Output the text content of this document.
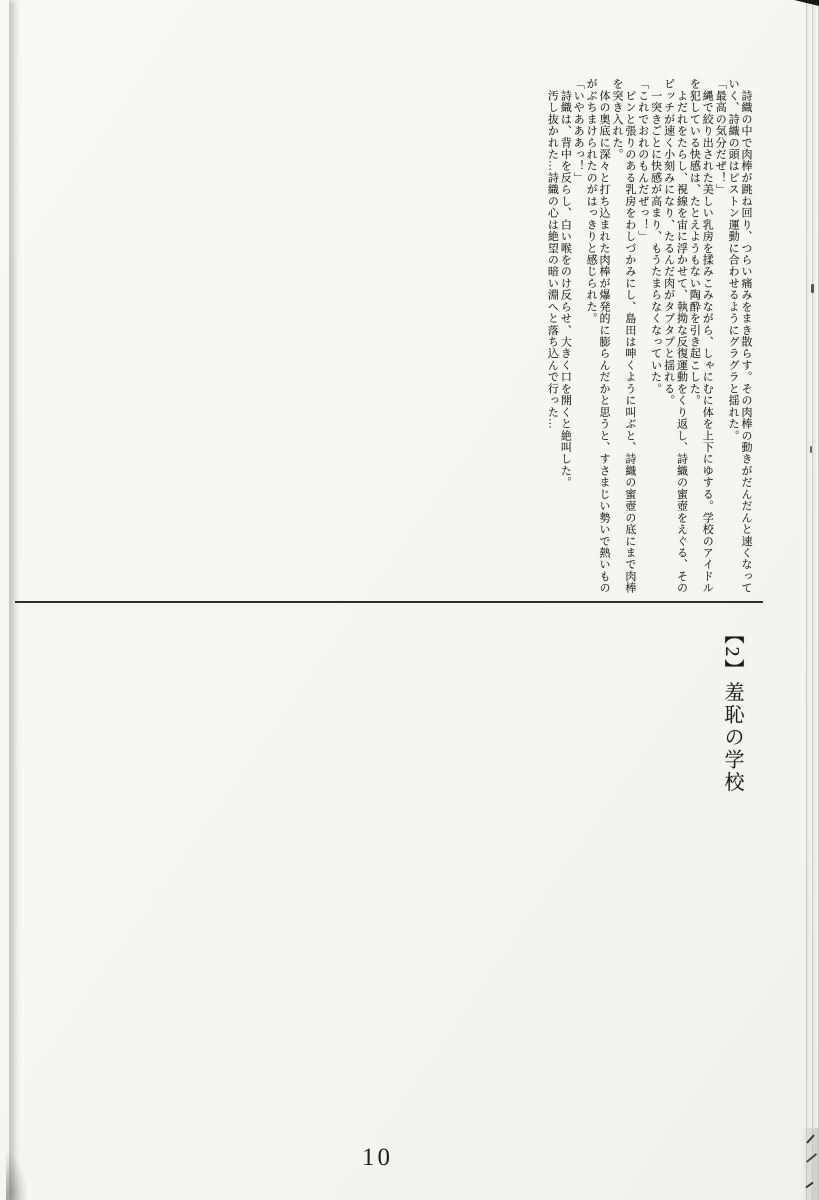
　詩織の中で肉棒が跳ね回り、つらい痛みをまき散らす。その肉棒の動きがだんだんと速くなって
いく、詩織の頭はピストン運動に合わせるようにグラグラと揺れた。
「最高の気分だぜ！」
　縄で絞り出された美しい乳房を揉みこみながら、しゃにむに体を上下にゆする。学校のアイドル
を犯している快感は、たとえようもない陶酔を引き起こした。
　よだれをたらし、視線を宙に浮かせて、執拗な反復運動をくり返し、詩織の蜜壺をえぐる、その
ピッチが速く小刻みになり、たるんだ肉がタプタプと揺れる。
　一突きごとに快感が高まり、もうたまらなくなっていた。
「これでおれのもんだぜっ！」
　ピンと張りのある乳房をわしづかみにし、島田は呻くように叫ぶと、詩織の蜜壺の底にまで肉棒
を突き入れた。
　体の奥底に深々と打ち込まれた肉棒が爆発的に膨らんだかと思うと、すさまじい勢いで熱いもの
がぶちまけられたのがはっきりと感じられた。
「いやあああっ！」
　詩織は、背中を反らし、白い喉をのけ反らせ、大きく口を開くと絶叫した。
　汚し抜かれた…詩織の心は絶望の暗い淵へと落ち込んで行った…
【2】羞恥の学校
10
